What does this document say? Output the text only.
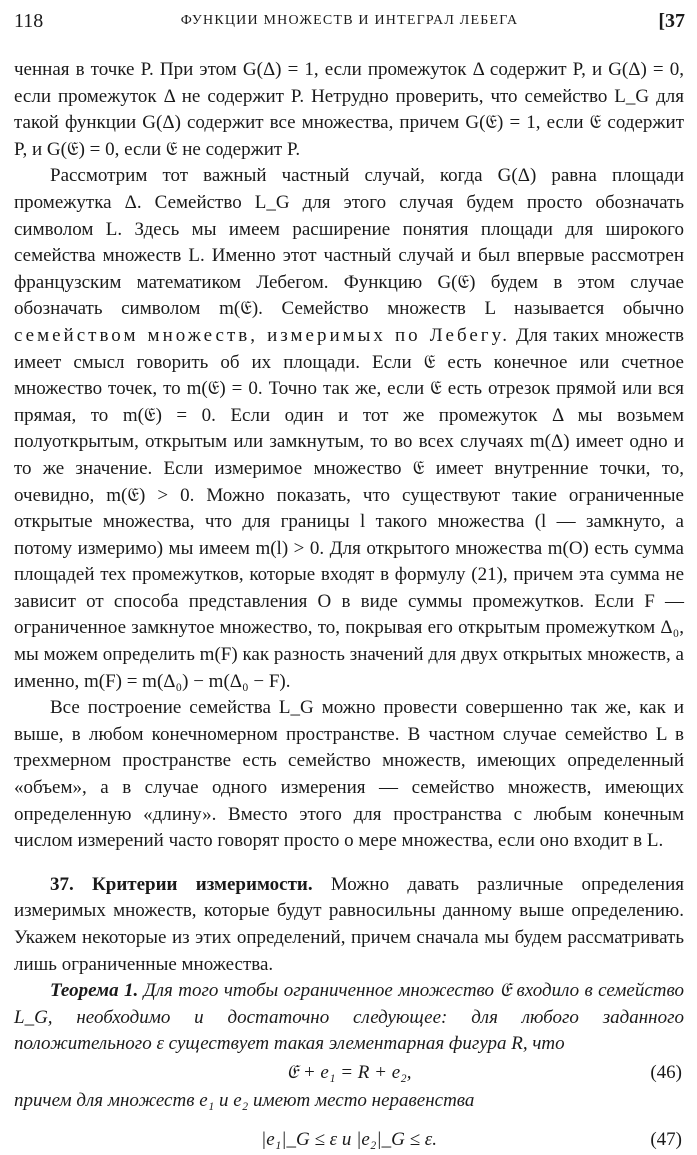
118	ФУНКЦИИ МНОЖЕСТВ И ИНТЕГРАЛ ЛЕБЕГА	[37

ченная в точке P. При этом G(Δ) = 1, если промежуток Δ содержит P, и G(Δ) = 0, если промежуток Δ не содержит P. Нетрудно проверить, что семейство L_G для такой функции G(Δ) содержит все множества, причем G(𝔈) = 1, если 𝔈 содержит P, и G(𝔈) = 0, если 𝔈 не содержит P.

Рассмотрим тот важный частный случай, когда G(Δ) равна площади промежутка Δ. Семейство L_G для этого случая будем просто обозначать символом L. Здесь мы имеем расширение понятия площади для широкого семейства множеств L. Именно этот частный случай и был впервые рассмотрен французским математиком Лебегом. Функцию G(𝔈) будем в этом случае обозначать символом m(𝔈). Семейство множеств L называется обычно семейством множеств, измеримых по Лебегу. Для таких множеств имеет смысл говорить об их площади. Если 𝔈 есть конечное или счетное множество точек, то m(𝔈) = 0. Точно так же, если 𝔈 есть отрезок прямой или вся прямая, то m(𝔈) = 0. Если один и тот же промежуток Δ мы возьмем полуоткрытым, открытым или замкнутым, то во всех случаях m(Δ) имеет одно и то же значение. Если измеримое множество 𝔈 имеет внутренние точки, то, очевидно, m(𝔈) > 0. Можно показать, что существуют такие ограниченные открытые множества, что для границы l такого множества (l — замкнуто, а потому измеримо) мы имеем m(l) > 0. Для открытого множества m(O) есть сумма площадей тех промежутков, которые входят в формулу (21), причем эта сумма не зависит от способа представления O в виде суммы промежутков. Если F — ограниченное замкнутое множество, то, покрывая его открытым промежутком Δ₀, мы можем определить m(F) как разность значений для двух открытых множеств, а именно, m(F) = m(Δ₀) − m(Δ₀ − F).

Все построение семейства L_G можно провести совершенно так же, как и выше, в любом конечномерном пространстве. В частном случае семейство L в трехмерном пространстве есть семейство множеств, имеющих определенный «объем», а в случае одного измерения — семейство множеств, имеющих определенную «длину». Вместо этого для пространства с любым конечным числом измерений часто говорят просто о мере множества, если оно входит в L.

37. Критерии измеримости. Можно давать различные определения измеримых множеств, которые будут равносильны данному выше определению. Укажем некоторые из этих определений, причем сначала мы будем рассматривать лишь ограниченные множества.

Теорема 1. Для того чтобы ограниченное множество 𝔈 входило в семейство L_G, необходимо и достаточно следующее: для любого заданного положительного ε существует такая элементарная фигура R, что

𝔈 + e₁ = R + e₂,	(46)

причем для множеств e₁ и e₂ имеют место неравенства

|e₁|_G ≤ ε и |e₂|_G ≤ ε.	(47)
